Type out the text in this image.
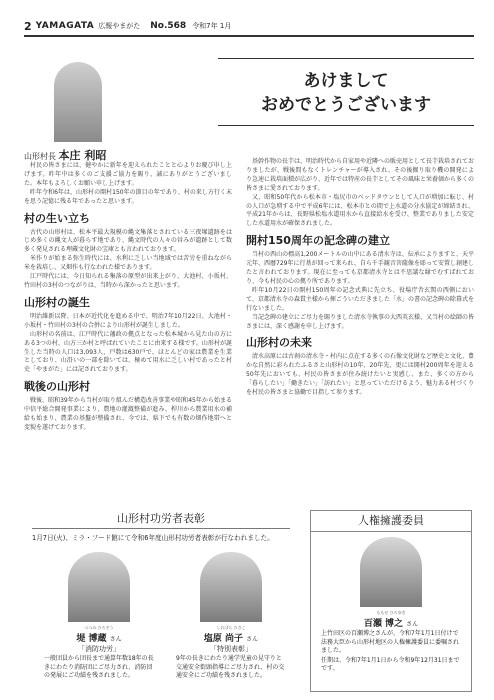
2 YAMAGATA 広報やまがた No.568 令和7年 1月
山形村長 本庄 利昭
あけまして
おめでとうございます

村民の皆さまには、健やかに新年を迎えられたことと心よりお慶び申し上げます。昨年中は多くのご支援ご協力を賜り、誠にありがとうございました。本年もよろしくお願い申し上げます。

昨年令和6年は、山形村の開村150年の節目の年であり、村の来し方行く末を思う記憶に残る年であったと思います。

村の生い立ち

古代の山形村は、松本平最大規模の縄文集落とされている三夜塚遺跡をはじめ多くの縄文人が暮らす地であり、縄文時代の人々の営みが遺跡として数多く発見される埋蔵文化財の宝庫とも言われております。

米作りが始まる弥生時代には、水利に乏しい当地域では苦労を重ねながら米を栽培し、又畑作も行なわれた様であります。

江戸時代には、今日知られる集落の原型が出来上がり、大池村、小坂村、竹田村の3村のつながりは、当時から深かったと思います。

山形村の誕生

明治維新以降、日本が近代化を進める中で、明治7年10月22日、大池村・小坂村・竹田村の3村の合併により山形村が誕生しました。

山形村の名前は、江戸時代に藩政の拠点となった松本城から見た山の方にある3つの村、山方三か村と呼ばれていたことに由来する様です。山形村が誕生した当時の人口は3,093人、戸数は630戸で、ほとんどの家は農業を生業としており、山沿いの一部を除いては、極めて用水に乏しい村であったと村史「やまがた」には記されております。

戦後の山形村

戦後、昭和39年から当村が取り組んだ構造改善事業や昭和45年から始まる中信平総合開発事業により、農地の灌漑整備が進み、桿川から農業用水の補給も始まり、農業の基盤が整備され、今では、県下でも有数の畑作地帯へと変貌を遂げております。

基幹作物の長芋は、明治時代から自家用や近隣への販売用として長芋栽培されておりましたが、戦後間もなくトレンチャーが導入され、その後掘り取り機の開発により急速に栽培面積が広がり、近年では特産の長芋としてその風味と栄養価から多くの皆さまに愛されております。

又、昭和50年代から松本市・塩尻市のベッドタウンとして人口が増加に転じ、村の人口が急増する中で平成6年には、松本市との間で上水道の分水協定が締結され、平成21年からは、長野県松塩水道用水から直接給水を受け、整業でありました安定した水道用水が確保されました。

開村150周年の記念碑の建立

当村の西山の標高1,200メートルの山中にある清水寺は、伝承によりますと、天平元年、西暦729年に行基が回って来られ、自ら千手観音菩薩像を彫って安置し創建したと言われております。現在に至っても京都清水寺とは不思議な縁でむすばれており、今も村民の心の拠り所であります。

昨年10月22日の開村150周年の記念式典に先立ち、役場庁舎玄関の西側において、京都清水寺の森貫主様から揮ごういただきました「水」の書の記念碑の除幕式を行ないました。

当記念碑の建立にご尽力を賜りました清水寺執事の大西英玄様、又当村の絵師の皆さまには、深く感謝を申し上げます。

山形村の未来

清水高原には古刹の清水寺・村内に点在する多くの石像文化財など歴史と文化、豊かな自然に彩られたふるさと山形村の10年、20年先、更には開村200周年を迎える50年先においても、村民の皆さまが住み続けたいと実感し、また、多くの方から「暮らしたい」「働きたい」「訪れたい」と思っていただけるよう、魅力ある村づくりを村民の皆さまと協働で目指して参ります。

山形村功労者表彰
1月7日(火)、ミラ・フード館にて令和6年度山形村功労者表彰が行なわれました。
つつみ ひろぞう
堤 博蔵 さん
「消防功労」
一般団員から団長まで通算年数18年の長きにわたり消防団にご尽力され、消防団の発展にご功績を残されました。
しおばら ひさこ
塩原 尚子 さん
「特別表彰」
9年の長きにわたり通学児童の見守りと交通安全街頭指導にご尽力され、村の交通安全にご功績を残されました。
人権擁護委員
ももせ ひろゆき
百瀬 博之 さん
上竹田区の百瀬博之さんが、令和7年1月1日付けで法務大臣から山形村地区の人権擁護委員に委嘱されました。
任期は、令和7年1月1日から令和9年12月31日までです。
